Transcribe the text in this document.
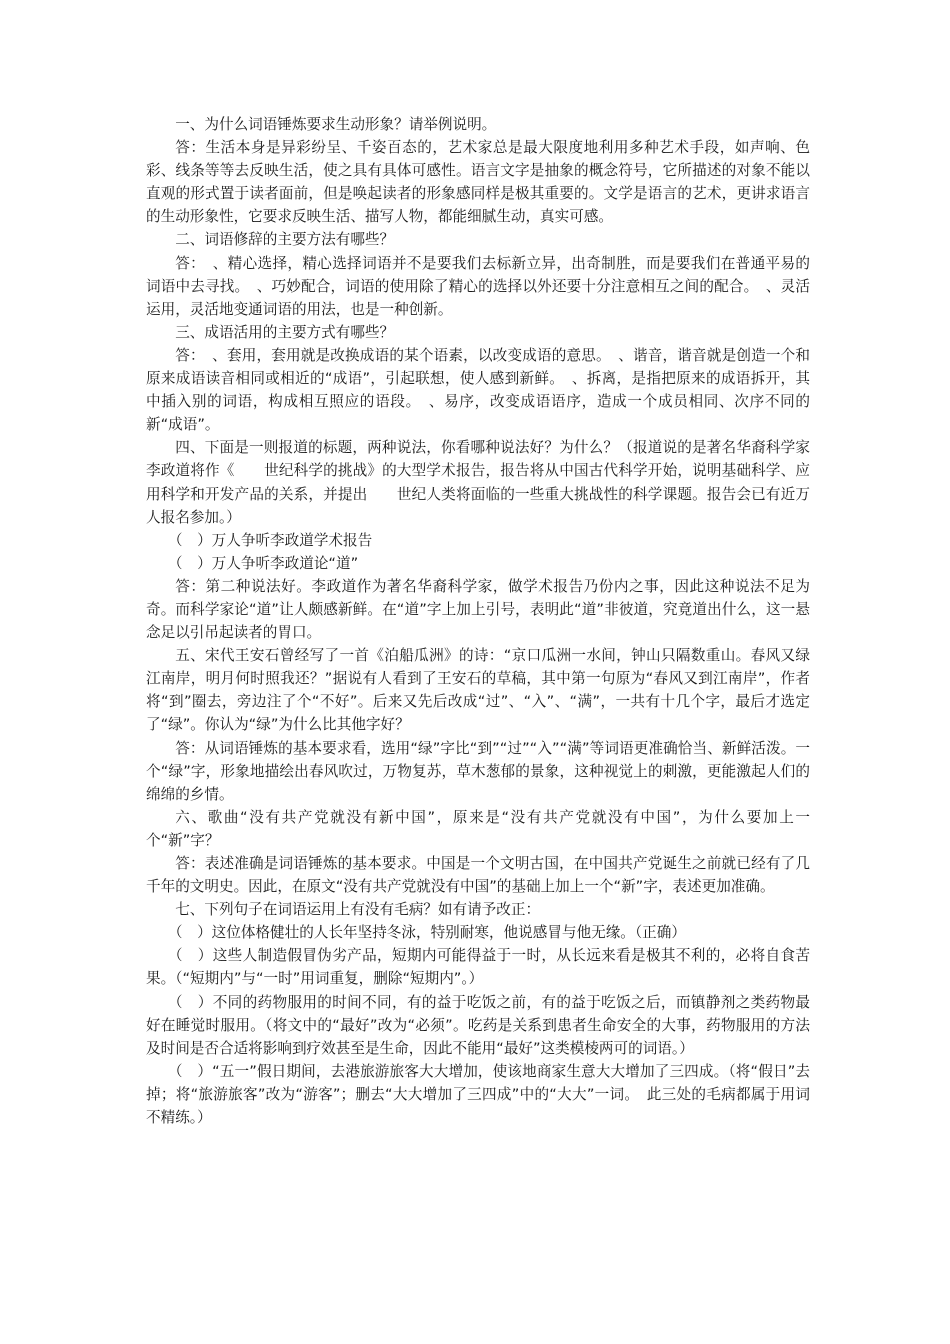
一、为什么词语锤炼要求生动形象？请举例说明。

答：生活本身是异彩纷呈、千姿百态的，艺术家总是最大限度地利用多种艺术手段，如声响、色彩、线条等等去反映生活，使之具有具体可感性。语言文字是抽象的概念符号，它所描述的对象不能以直观的形式置于读者面前，但是唤起读者的形象感同样是极其重要的。文学是语言的艺术，更讲求语言的生动形象性，它要求反映生活、描写人物，都能细腻生动，真实可感。

二、词语修辞的主要方法有哪些？

答：　、精心选择，精心选择词语并不是要我们去标新立异，出奇制胜，而是要我们在普通平易的词语中去寻找。　、巧妙配合，词语的使用除了精心的选择以外还要十分注意相互之间的配合。　、灵活运用，灵活地变通词语的用法，也是一种创新。

三、成语活用的主要方式有哪些？

答：　、套用，套用就是改换成语的某个语素，以改变成语的意思。　、谐音，谐音就是创造一个和原来成语读音相同或相近的“成语”，引起联想，使人感到新鲜。　、拆离，是指把原来的成语拆开，其中插入别的词语，构成相互照应的语段。　、易序，改变成语语序，造成一个成员相同、次序不同的新“成语”。

四、下面是一则报道的标题，两种说法，你看哪种说法好？为什么？（报道说的是著名华裔科学家李政道将作《　　世纪科学的挑战》的大型学术报告，报告将从中国古代科学开始，说明基础科学、应用科学和开发产品的关系，并提出　　世纪人类将面临的一些重大挑战性的科学课题。报告会已有近万人报名参加。）

（　）万人争听李政道学术报告

（　）万人争听李政道论“道”

答：第二种说法好。李政道作为著名华裔科学家，做学术报告乃份内之事，因此这种说法不足为奇。而科学家论“道”让人颇感新鲜。在“道”字上加上引号，表明此“道”非彼道，究竟道出什么，这一悬念足以引吊起读者的胃口。

五、宋代王安石曾经写了一首《泊船瓜洲》的诗：“京口瓜洲一水间，钟山只隔数重山。春风又绿江南岸，明月何时照我还？”据说有人看到了王安石的草稿，其中第一句原为“春风又到江南岸”，作者将“到”圈去，旁边注了个“不好”。后来又先后改成“过”、“入”、“满”，一共有十几个字，最后才选定了“绿”。你认为“绿”为什么比其他字好？

答：从词语锤炼的基本要求看，选用“绿”字比“到”“过”“入”“满”等词语更准确恰当、新鲜活泼。一个“绿”字，形象地描绘出春风吹过，万物复苏，草木葱郁的景象，这种视觉上的刺激，更能激起人们的绵绵的乡情。

六、歌曲“没有共产党就没有新中国”，原来是“没有共产党就没有中国”，为什么要加上一个“新”字？

答：表述准确是词语锤炼的基本要求。中国是一个文明古国，在中国共产党诞生之前就已经有了几千年的文明史。因此，在原文“没有共产党就没有中国”的基础上加上一个“新”字，表述更加准确。

七、下列句子在词语运用上有没有毛病？如有请予改正：

（　）这位体格健壮的人长年坚持冬泳，特别耐寒，他说感冒与他无缘。（正确）

（　）这些人制造假冒伪劣产品，短期内可能得益于一时，从长远来看是极其不利的，必将自食苦果。（“短期内”与“一时”用词重复，删除“短期内”。）

（　）不同的药物服用的时间不同，有的益于吃饭之前，有的益于吃饭之后，而镇静剂之类药物最好在睡觉时服用。（将文中的“最好”改为“必须”。吃药是关系到患者生命安全的大事，药物服用的方法及时间是否合适将影响到疗效甚至是生命，因此不能用“最好”这类模棱两可的词语。）

（　）“五一”假日期间，去港旅游旅客大大增加，使该地商家生意大大增加了三四成。（将“假日”去掉；将“旅游旅客”改为“游客”；删去“大大增加了三四成”中的“大大”一词。　此三处的毛病都属于用词不精练。）
